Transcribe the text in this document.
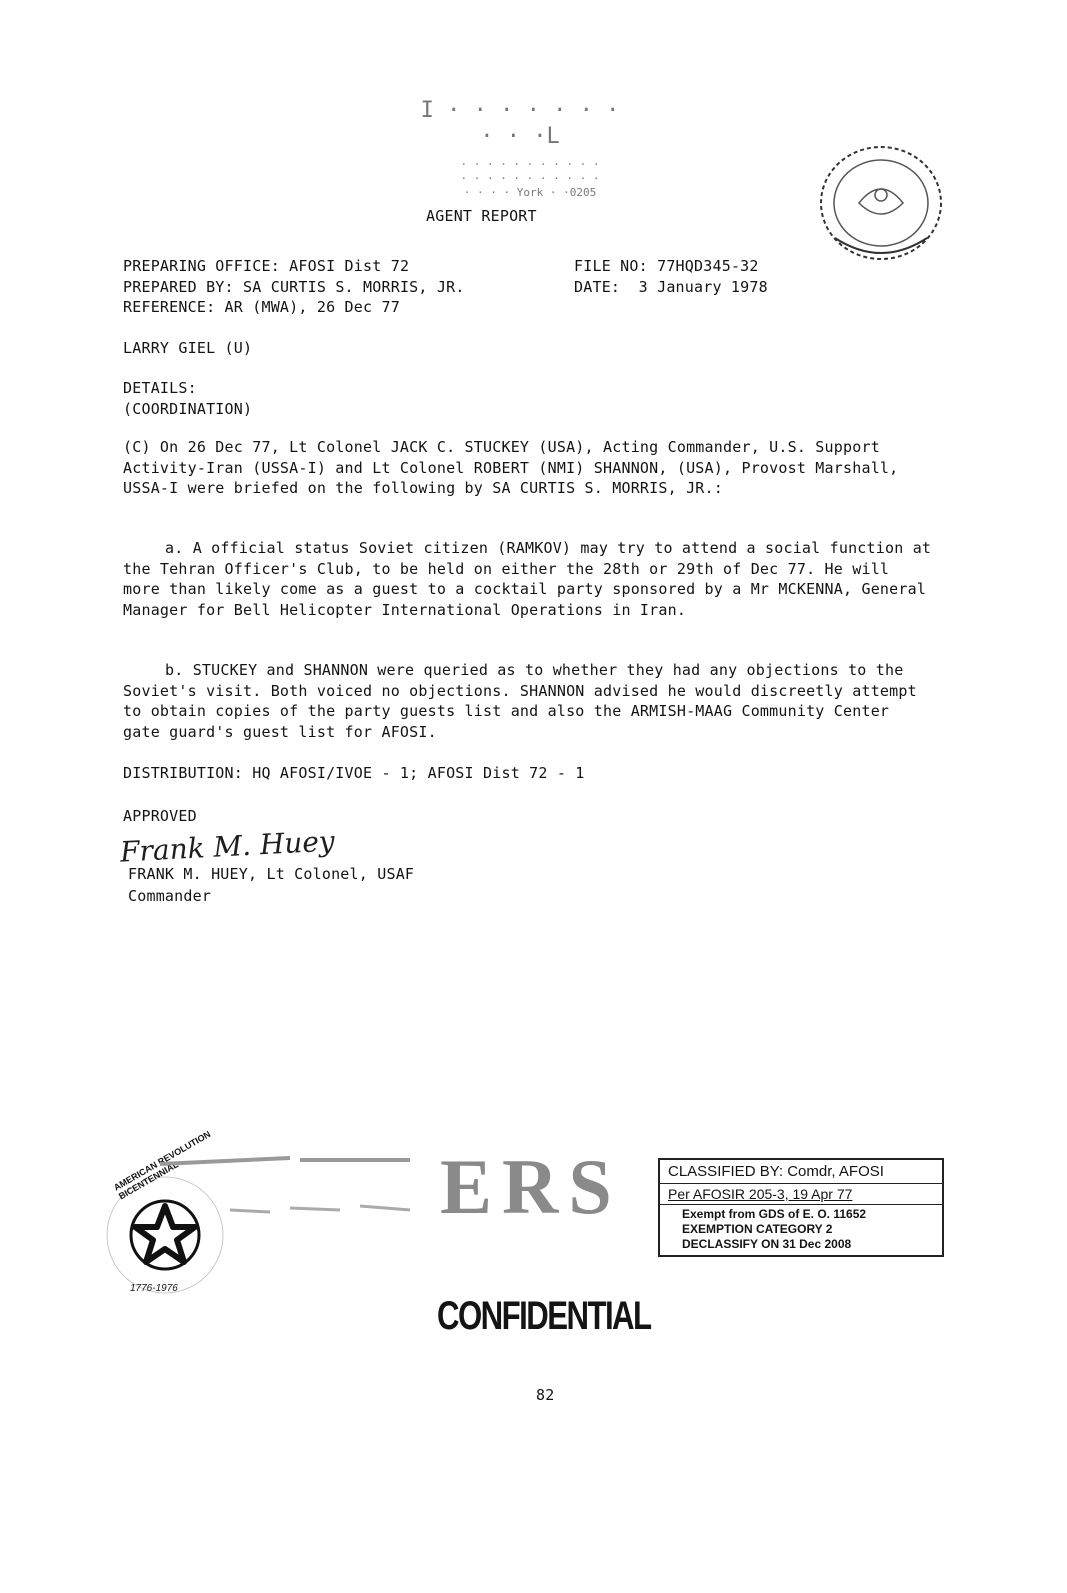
I · · · · · · · · · ·L
· · · · · · · · · · ·
· · · · · · · · · · ·
· · · · York · ·0205
AGENT REPORT
PREPARING OFFICE: AFOSI Dist 72
PREPARED BY: SA CURTIS S. MORRIS, JR.
REFERENCE: AR (MWA), 26 Dec 77
FILE NO: 77HQD345-32
DATE: 3 January 1978
LARRY GIEL (U)
DETAILS:
(COORDINATION)

(C) On 26 Dec 77, Lt Colonel JACK C. STUCKEY (USA), Acting Commander, U.S. Support Activity-Iran (USSA-I) and Lt Colonel ROBERT (NMI) SHANNON, (USA), Provost Marshall, USSA-I were briefed on the following by SA CURTIS S. MORRIS, JR.:

a. A official status Soviet citizen (RAMKOV) may try to attend a social function at the Tehran Officer's Club, to be held on either the 28th or 29th of Dec 77. He will more than likely come as a guest to a cocktail party sponsored by a Mr MCKENNA, General Manager for Bell Helicopter International Operations in Iran.

b. STUCKEY and SHANNON were queried as to whether they had any objections to the Soviet's visit. Both voiced no objections. SHANNON advised he would discreetly attempt to obtain copies of the party guests list and also the ARMISH-MAAG Community Center gate guard's guest list for AFOSI.

DISTRIBUTION: HQ AFOSI/IVOE - 1; AFOSI Dist 72 - 1
APPROVED
Frank M. Huey
FRANK M. HUEY, Lt Colonel, USAF
Commander
AMERICAN REVOLUTION BICENTENNIAL
1776-1976
ERS	CLASSIFIED BY: Comdr, AFOSI
Per AFOSIR 205-3, 19 Apr 77
Exempt from GDS of E. O. 11652
EXEMPTION CATEGORY 2
DECLASSIFY ON 31 Dec 2008
CONFIDENTIAL
82
